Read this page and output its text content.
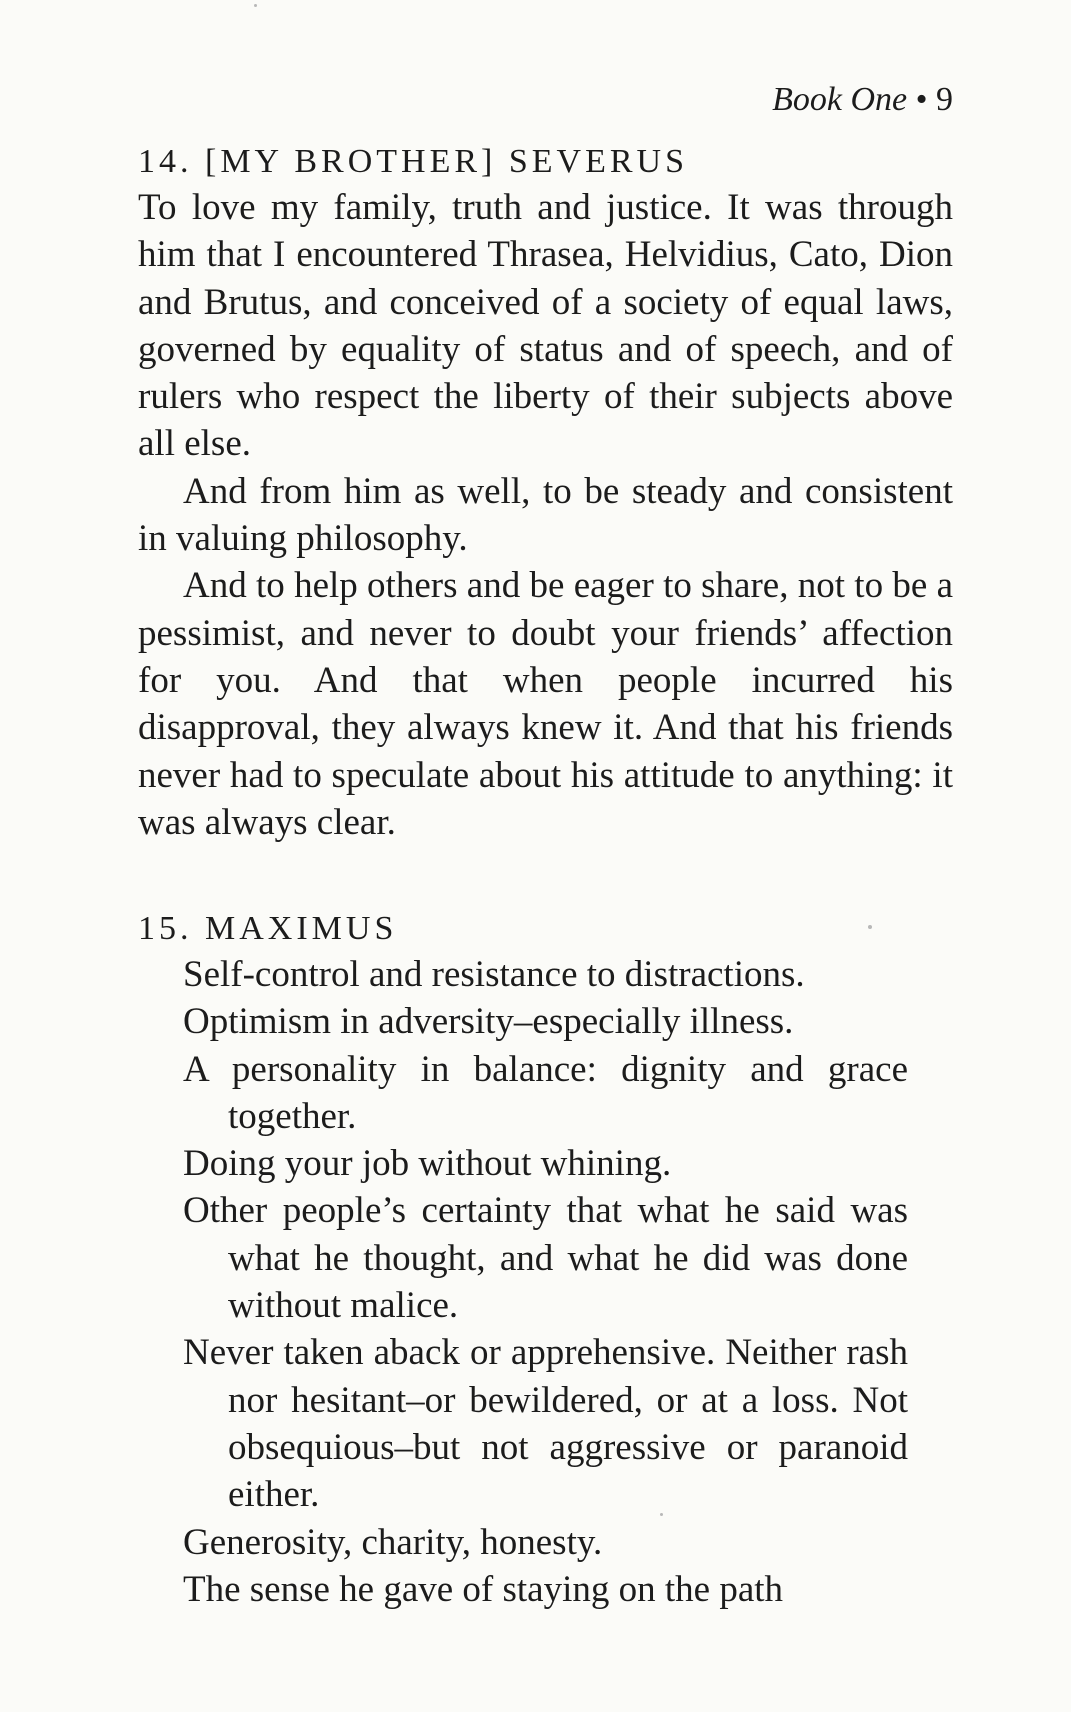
Book One • 9
14. [MY BROTHER] SEVERUS

To love my family, truth and justice. It was through him that I encountered Thrasea, Helvidius, Cato, Dion and Brutus, and conceived of a society of equal laws, governed by equality of status and of speech, and of rulers who respect the liberty of their subjects above all else.

And from him as well, to be steady and consistent in valuing philosophy.

And to help others and be eager to share, not to be a pessimist, and never to doubt your friends’ affection for you. And that when people incurred his disapproval, they always knew it. And that his friends never had to speculate about his attitude to anything: it was always clear.

15. MAXIMUS
Self-control and resistance to distractions.
Optimism in adversity–especially illness.
A personality in balance: dignity and grace together.
Doing your job without whining.
Other people’s certainty that what he said was what he thought, and what he did was done without malice.
Never taken aback or apprehensive. Neither rash nor hesitant–or bewildered, or at a loss. Not obsequious–but not aggressive or paranoid either.
Generosity, charity, honesty.
The sense he gave of staying on the path
